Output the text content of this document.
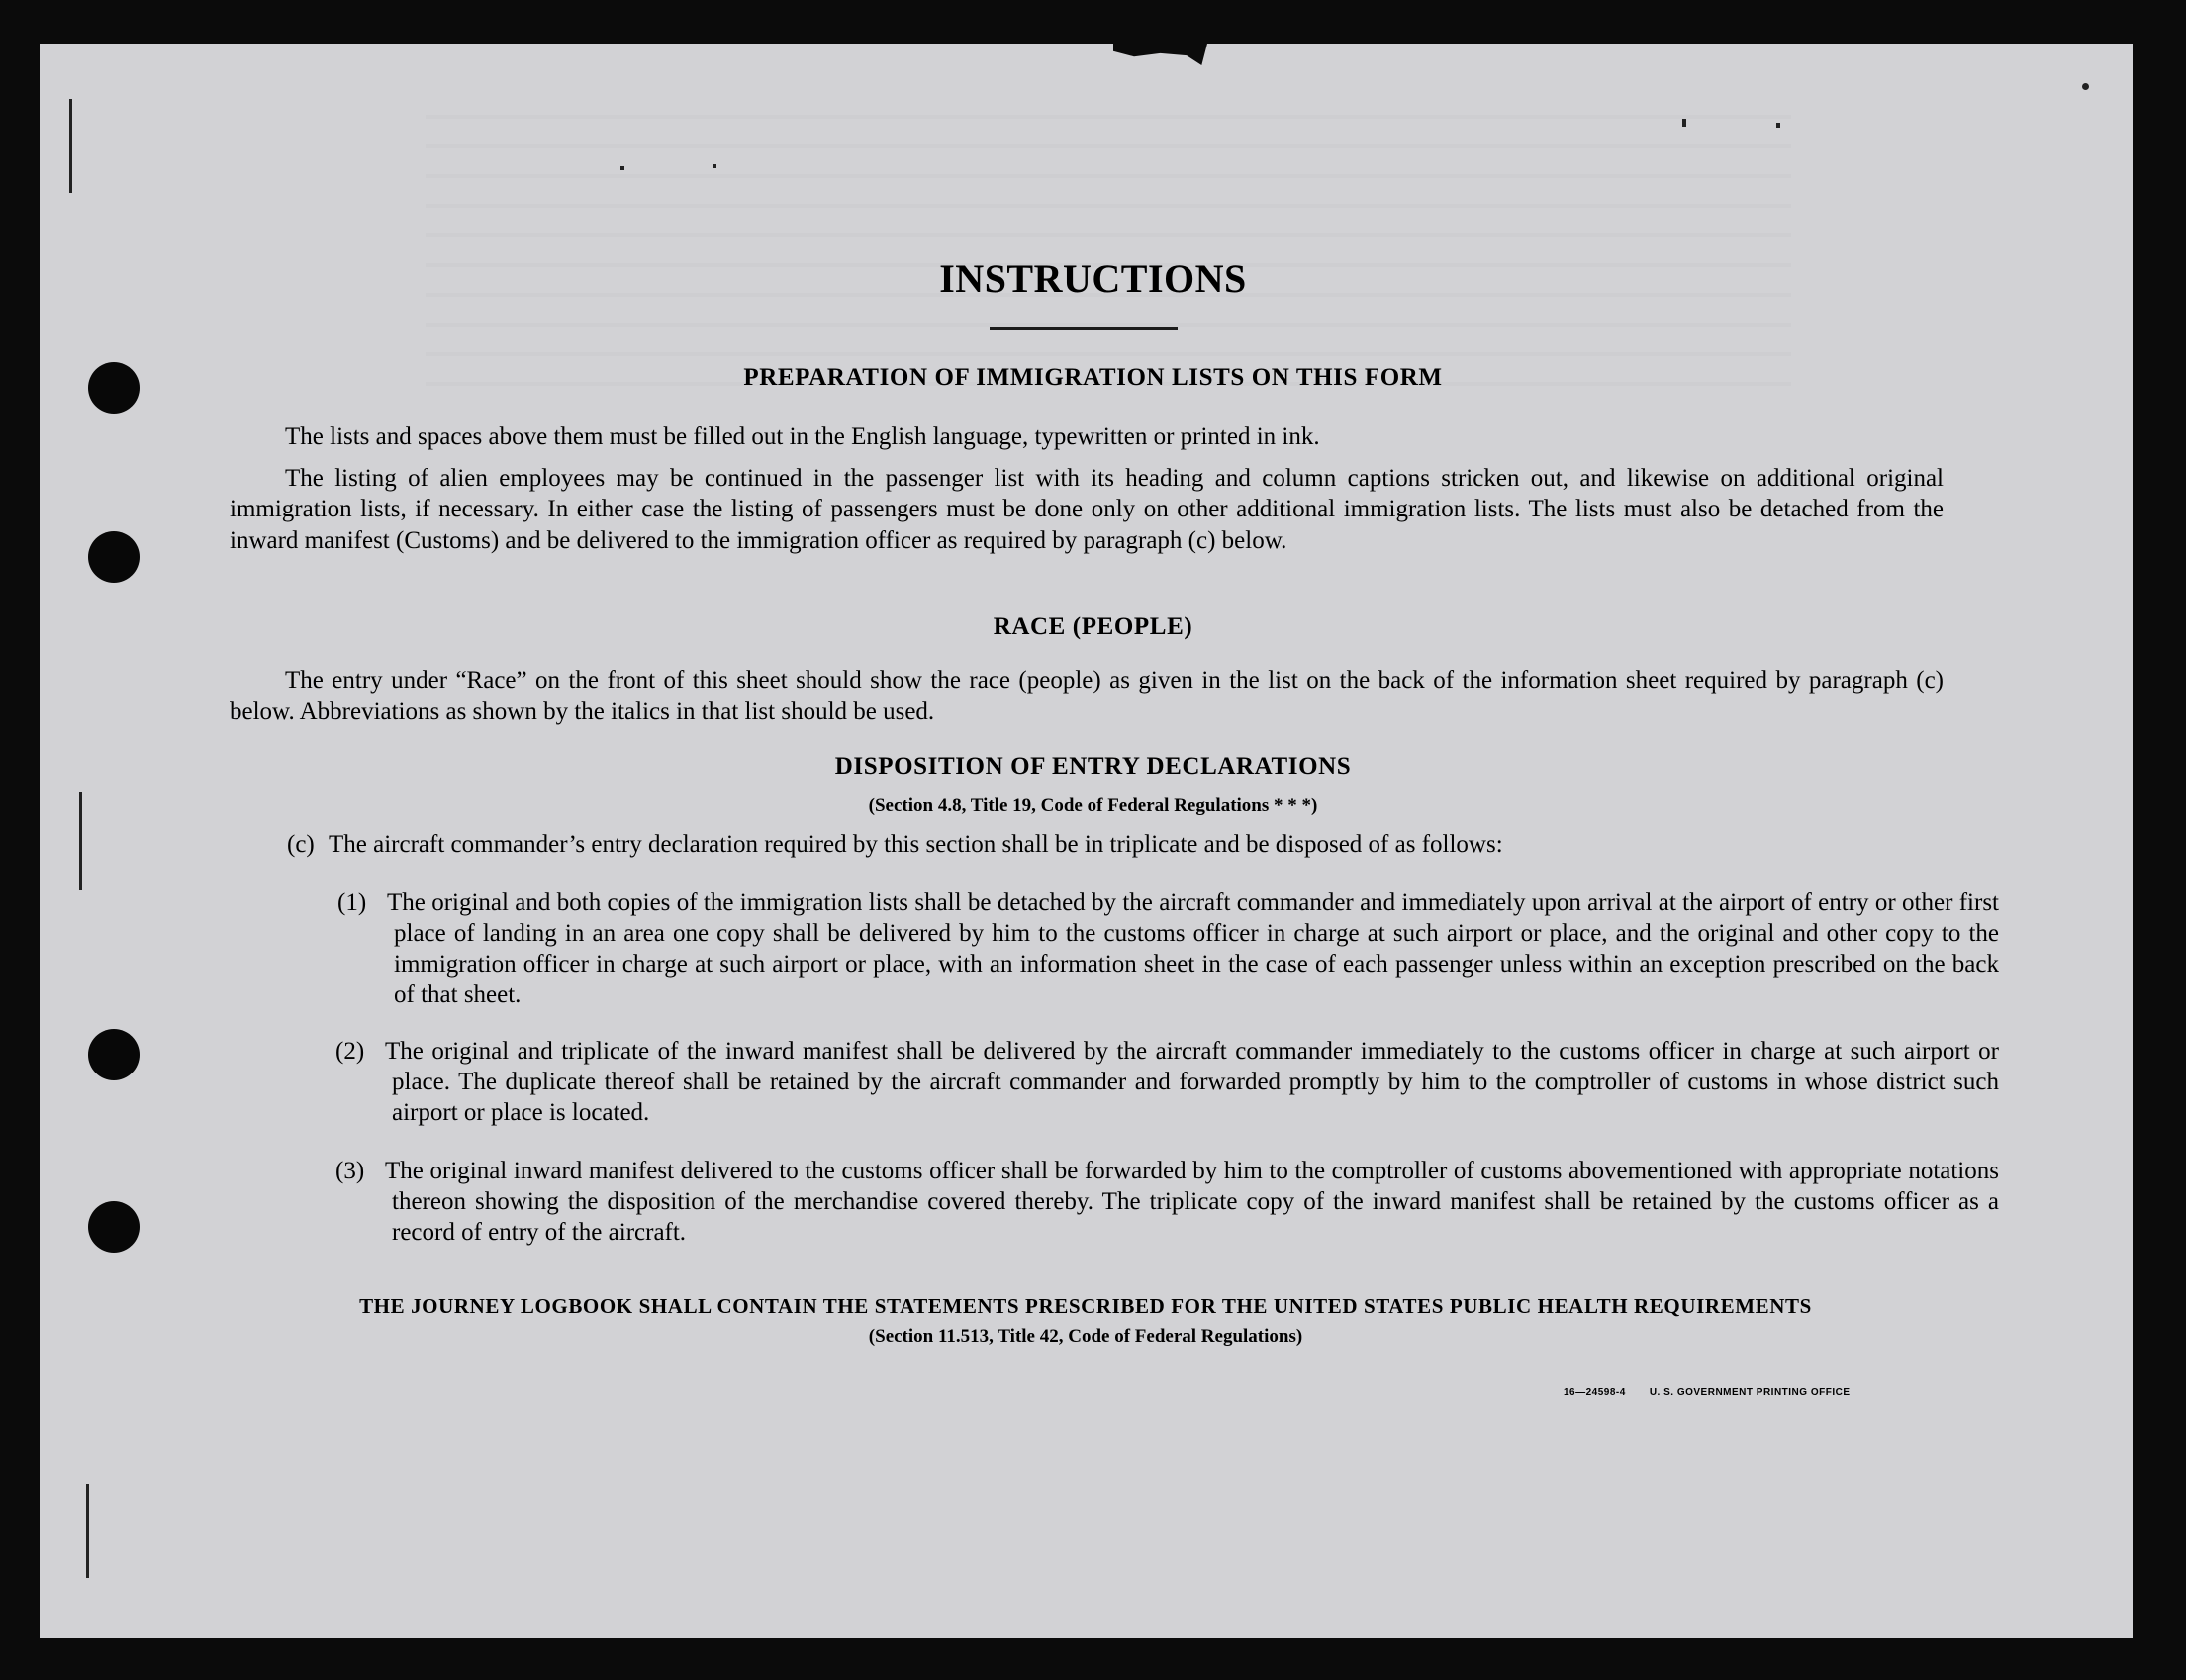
INSTRUCTIONS
PREPARATION OF IMMIGRATION LISTS ON THIS FORM

The lists and spaces above them must be filled out in the English language, typewritten or printed in ink.

The listing of alien employees may be continued in the passenger list with its heading and column captions stricken out, and likewise on additional original immigration lists, if necessary. In either case the listing of passengers must be done only on other additional immigration lists. The lists must also be detached from the inward manifest (Customs) and be delivered to the immigration officer as required by paragraph (c) below.

RACE (PEOPLE)

The entry under “Race” on the front of this sheet should show the race (people) as given in the list on the back of the information sheet required by paragraph (c) below. Abbreviations as shown by the italics in that list should be used.

DISPOSITION OF ENTRY DECLARATIONS
(Section 4.8, Title 19, Code of Federal Regulations * * *)
(c) The aircraft commander’s entry declaration required by this section shall be in triplicate and be disposed of as follows:
(1) The original and both copies of the immigration lists shall be detached by the aircraft commander and immediately upon arrival at the airport of entry or other first place of landing in an area one copy shall be delivered by him to the customs officer in charge at such airport or place, and the original and other copy to the immigration officer in charge at such airport or place, with an information sheet in the case of each passenger unless within an exception prescribed on the back of that sheet.
(2) The original and triplicate of the inward manifest shall be delivered by the aircraft commander immediately to the customs officer in charge at such airport or place. The duplicate thereof shall be retained by the aircraft commander and forwarded promptly by him to the comptroller of customs in whose district such airport or place is located.
(3) The original inward manifest delivered to the customs officer shall be forwarded by him to the comptroller of customs abovementioned with appropriate notations thereon showing the disposition of the merchandise covered thereby. The triplicate copy of the inward manifest shall be retained by the customs officer as a record of entry of the aircraft.
THE JOURNEY LOGBOOK SHALL CONTAIN THE STATEMENTS PRESCRIBED FOR THE UNITED STATES PUBLIC HEALTH REQUIREMENTS
(Section 11.513, Title 42, Code of Federal Regulations)
16—24598-4 U. S. GOVERNMENT PRINTING OFFICE
